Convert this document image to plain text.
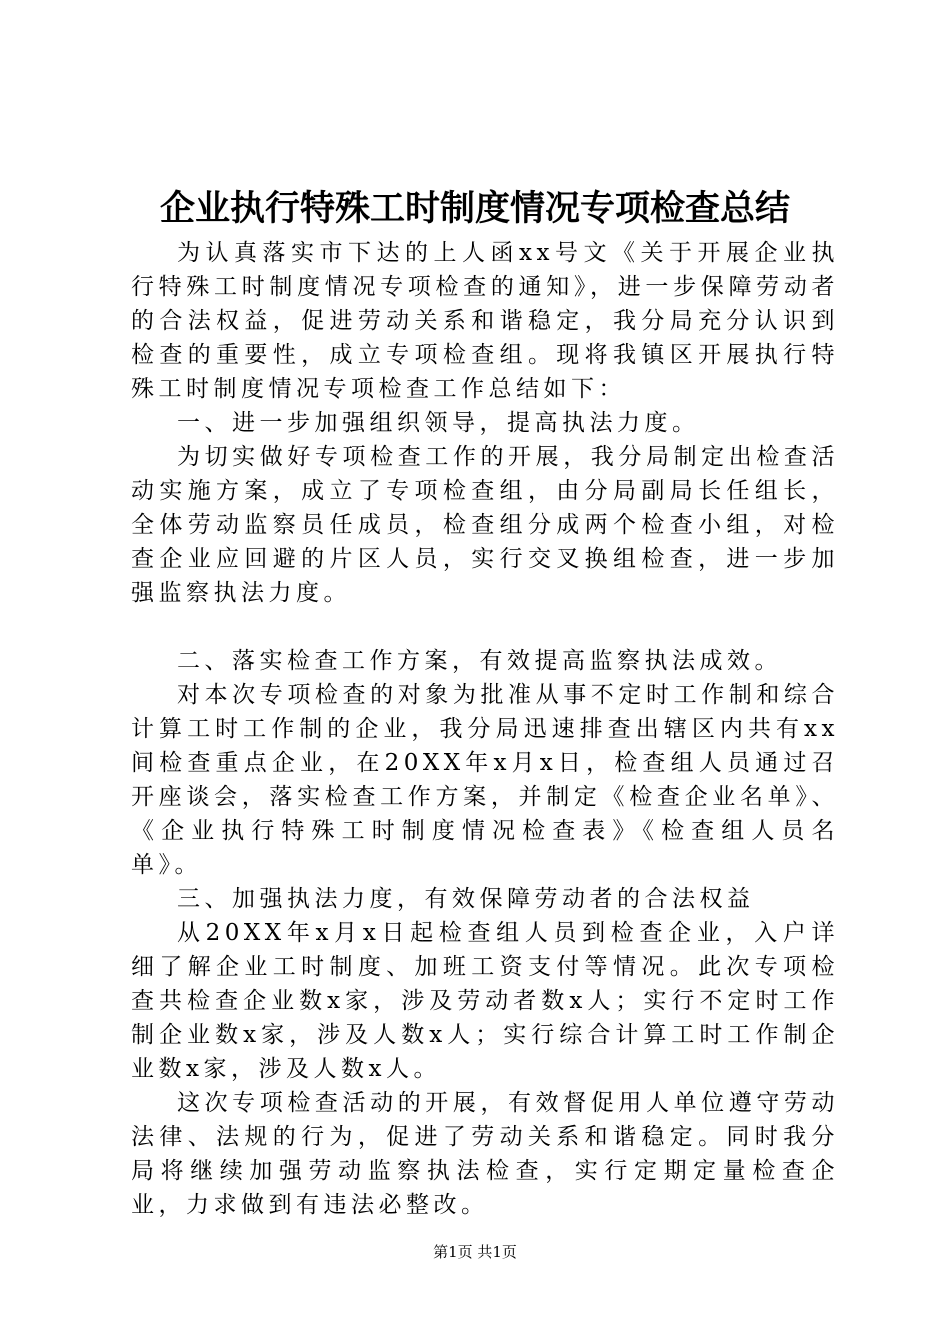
企业执行特殊工时制度情况专项检查总结

为认真落实市下达的上人函xx号文《关于开展企业执行特殊工时制度情况专项检查的通知》，进一步保障劳动者的合法权益，促进劳动关系和谐稳定，我分局充分认识到检查的重要性，成立专项检查组。现将我镇区开展执行特殊工时制度情况专项检查工作总结如下：

一、进一步加强组织领导，提高执法力度。

为切实做好专项检查工作的开展，我分局制定出检查活动实施方案，成立了专项检查组，由分局副局长任组长，全体劳动监察员任成员，检查组分成两个检查小组，对检查企业应回避的片区人员，实行交叉换组检查，进一步加强监察执法力度。

二、落实检查工作方案，有效提高监察执法成效。

对本次专项检查的对象为批准从事不定时工作制和综合计算工时工作制的企业，我分局迅速排查出辖区内共有xx间检查重点企业，在20XX年x月x日，检查组人员通过召开座谈会，落实检查工作方案，并制定《检查企业名单》、《企业执行特殊工时制度情况检查表》《检查组人员名单》。

三、加强执法力度，有效保障劳动者的合法权益

从20XX年x月x日起检查组人员到检查企业，入户详细了解企业工时制度、加班工资支付等情况。此次专项检查共检查企业数x家，涉及劳动者数x人；实行不定时工作制企业数x家，涉及人数x人；实行综合计算工时工作制企业数x家，涉及人数x人。

这次专项检查活动的开展，有效督促用人单位遵守劳动法律、法规的行为，促进了劳动关系和谐稳定。同时我分局将继续加强劳动监察执法检查，实行定期定量检查企业，力求做到有违法必整改。

第1页 共1页
